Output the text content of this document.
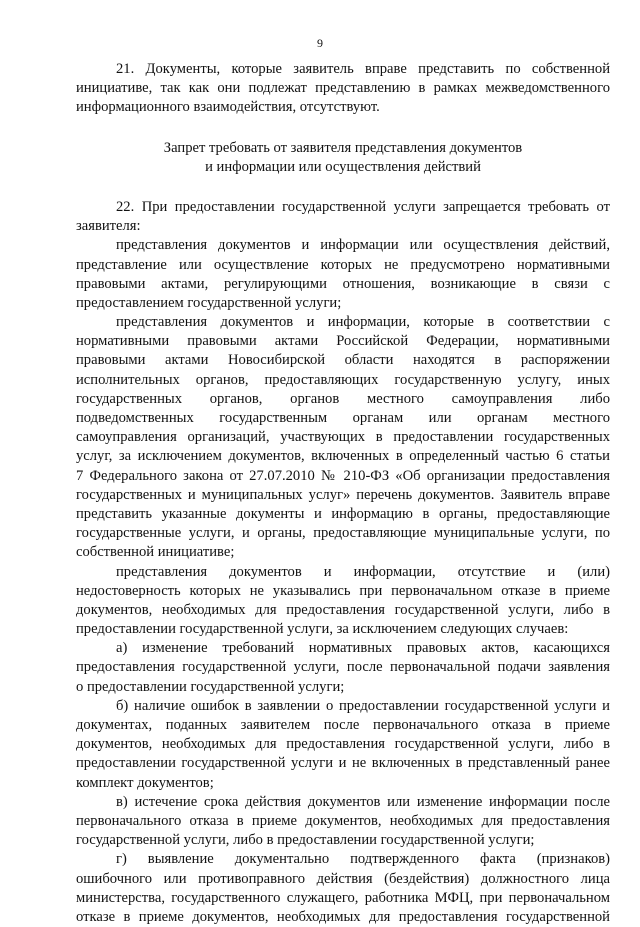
9
21. Документы, которые заявитель вправе представить по собственной
инициативе, так как они подлежат представлению в рамках межведомственного
информационного взаимодействия, отсутствуют.
Запрет требовать от заявителя представления документов
и информации или осуществления действий
22. При предоставлении государственной услуги запрещается требовать от
заявителя:
представления документов и информации или осуществления действий,
представление или осуществление которых не предусмотрено нормативными
правовыми актами, регулирующими отношения, возникающие в связи с
предоставлением государственной услуги;
представления документов и информации, которые в соответствии с
нормативными правовыми актами Российской Федерации, нормативными
правовыми актами Новосибирской области находятся в распоряжении
исполнительных органов, предоставляющих государственную услугу, иных
государственных органов, органов местного самоуправления либо
подведомственных государственным органам или органам местного
самоуправления организаций, участвующих в предоставлении государственных
услуг, за исключением документов, включенных в определенный частью 6 статьи
7 Федерального закона от 27.07.2010 № 210-ФЗ «Об организации предоставления
государственных и муниципальных услуг» перечень документов. Заявитель вправе
представить указанные документы и информацию в органы, предоставляющие
государственные услуги, и органы, предоставляющие муниципальные услуги, по
собственной инициативе;
представления документов и информации, отсутствие и (или)
недостоверность которых не указывались при первоначальном отказе в приеме
документов, необходимых для предоставления государственной услуги, либо в
предоставлении государственной услуги, за исключением следующих случаев:
а) изменение требований нормативных правовых актов, касающихся
предоставления государственной услуги, после первоначальной подачи заявления
о предоставлении государственной услуги;
б) наличие ошибок в заявлении о предоставлении государственной услуги и
документах, поданных заявителем после первоначального отказа в приеме
документов, необходимых для предоставления государственной услуги, либо в
предоставлении государственной услуги и не включенных в представленный ранее
комплект документов;
в) истечение срока действия документов или изменение информации после
первоначального отказа в приеме документов, необходимых для предоставления
государственной услуги, либо в предоставлении государственной услуги;
г) выявление документально подтвержденного факта (признаков)
ошибочного или противоправного действия (бездействия) должностного лица
министерства, государственного служащего, работника МФЦ, при первоначальном
отказе в приеме документов, необходимых для предоставления государственной
